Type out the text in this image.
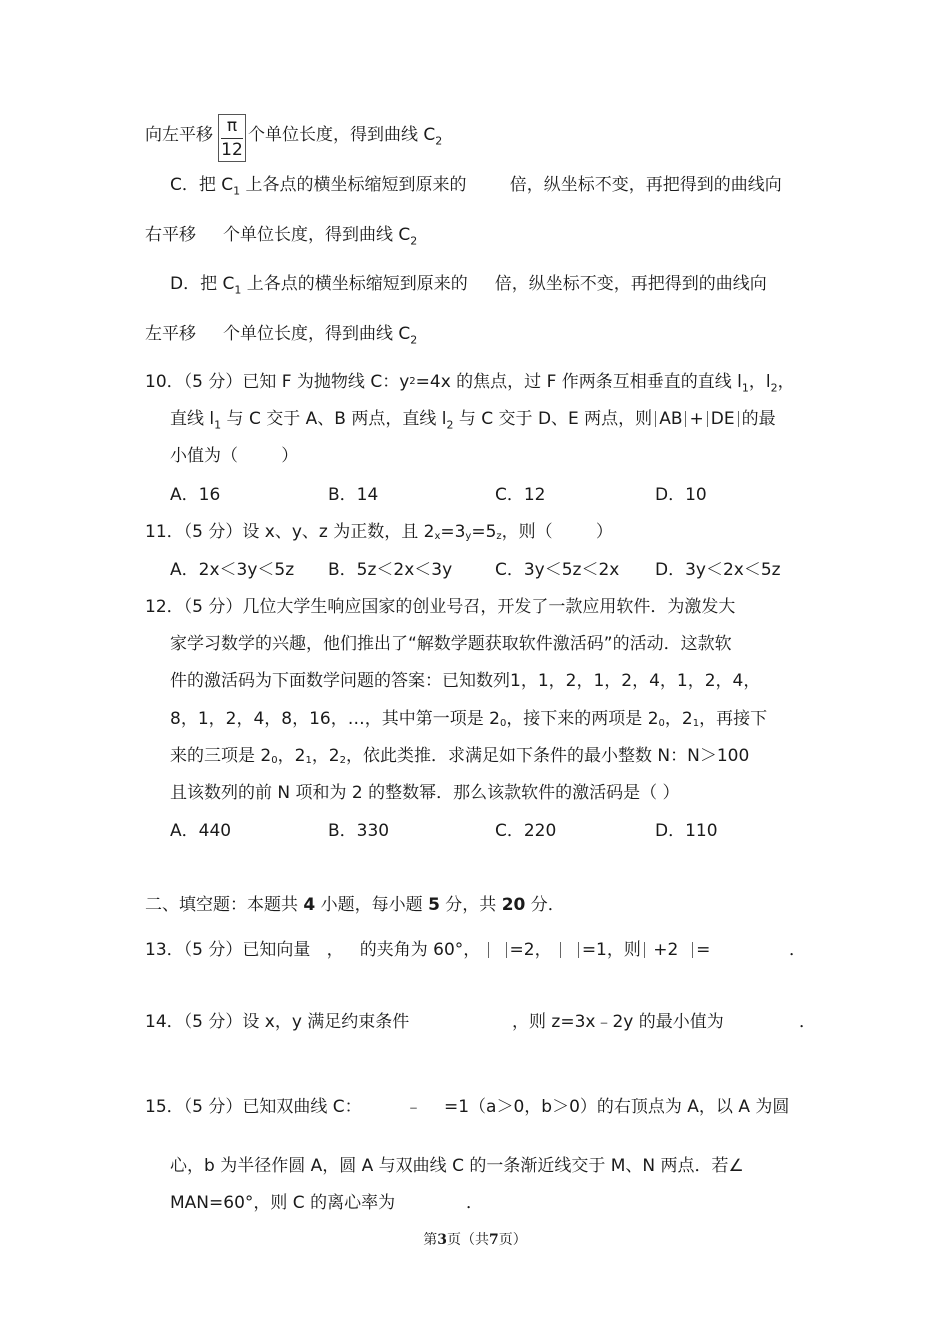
向左平移 π
12
个单位长度，得到曲线 $C_2$
C．把 $C_1$ 上各点的横坐标缩短到原来的        倍，纵坐标不变，再把得到的曲线向
右平移     个单位长度，得到曲线 $C_2$
D．把 $C_1$ 上各点的横坐标缩短到原来的     倍，纵坐标不变，再把得到的曲线向
左平移     个单位长度，得到曲线 $C_2$
10．（5 分）已知 F 为抛物线 C：y2=4x 的焦点，过 F 作两条互相垂直的直线 $l_1$，$l_2$，
直线 $l_1$ 与 C 交于 A、B 两点，直线 $l_2$ 与 C 交于 D、E 两点，则 AB + DE 的最
小值为（        ）
A．16	B．14	C．12	D．10
11．（5 分）设 x、y、z 为正数，且 2x=3y=5z，则（        ）
A．2x＜3y＜5z B．5z＜2x＜3y	C．3y＜5z＜2x D．3y＜2x＜5z
12．（5 分）几位大学生响应国家的创业号召，开发了一款应用软件．为激发大
家学习数学的兴趣，他们推出了“解数学题获取软件激活码”的活动．这款软
件的激活码为下面数学问题的答案：已知数列1，1，2，1，2，4，1，2，4，
8，1，2，4，8，16，…，其中第一项是 20，接下来的两项是 20，21，再接下
来的三项是 20，21，22，依此类推．求满足如下条件的最小整数 N：N＞100
且该数列的前 N 项和为 2 的整数幂．那么该款软件的激活码是（ ）
A．440	B．330	C．220	D．110
二、填空题：本题共 4 小题，每小题 5 分，共 20 分．
13．（5 分）已知向量   ，   的夹角为 60°， =2， =1，则 +2  =	．
14．（5 分）设 x，y 满足约束条件	，则 z=3x﹣2y 的最小值为	．
15．（5 分）已知双曲线 C：	﹣ =1（a＞0，b＞0）的右顶点为 A，以 A 为圆
心，b 为半径作圆 A，圆 A 与双曲线 C 的一条渐近线交于 M、N 两点．若∠
MAN=60°，则 C 的离心率为	．
第3页（共7页）
